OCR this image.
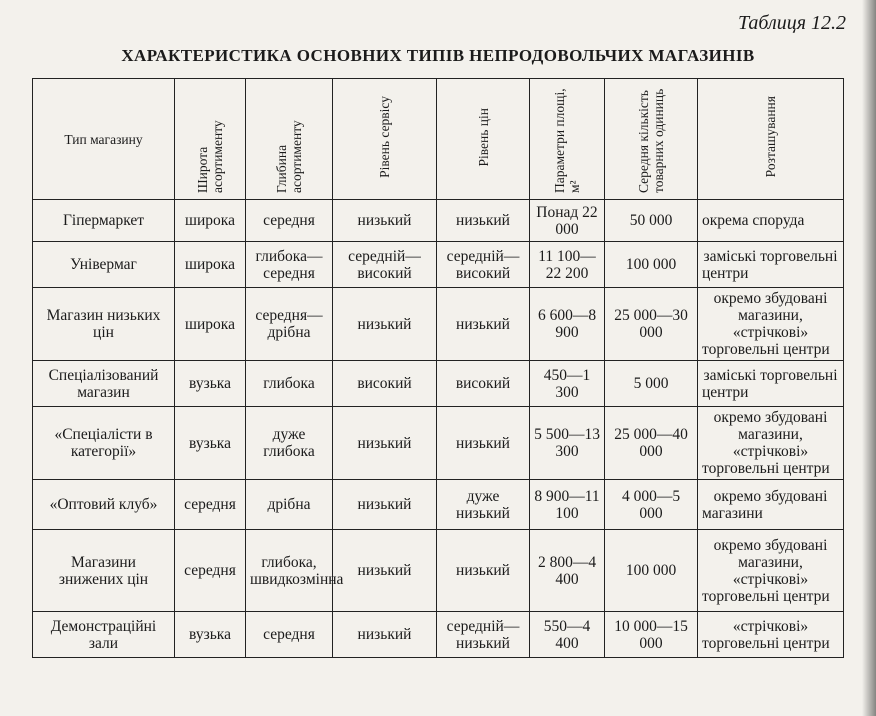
Таблиця 12.2
ХАРАКТЕРИСТИКА ОСНОВНИХ ТИПІВ НЕПРОДОВОЛЬЧИХ МАГАЗИНІВ
Тип магазину	Широта асортименту	Глибина асортименту	Рівень сервісу	Рівень цін	Параметри площі, м²	Середня кількість товарних одиниць	Розташування
Гіпермаркет	широка	середня	низький	низький	Понад 22 000	50 000	окрема споруда
Універмаг	широка	глибока—середня	середній—високий	середній—високий	11 100—22 200	100 000	заміські торговельні центри
Магазин низьких цін	широка	середня—дрібна	низький	низький	6 600—8 900	25 000—30 000	окремо збудовані магазини, «стрічкові» торговельні центри
Спеціалізований магазин	вузька	глибока	високий	високий	450—1 300	5 000	заміські торговельні центри
«Спеціалісти в категорії»	вузька	дуже глибока	низький	низький	5 500—13 300	25 000—40 000	окремо збудовані магазини, «стрічкові» торговельні центри
«Оптовий клуб»	середня	дрібна	низький	дуже низький	8 900—11 100	4 000—5 000	окремо збудовані магазини
Магазини знижених цін	середня	глибока, швидкозмінна	низький	низький	2 800—4 400	100 000	окремо збудовані магазини, «стрічкові» торговельні центри
Демонстраційні зали	вузька	середня	низький	середній—низький	550—4 400	10 000—15 000	«стрічкові» торговельні центри
